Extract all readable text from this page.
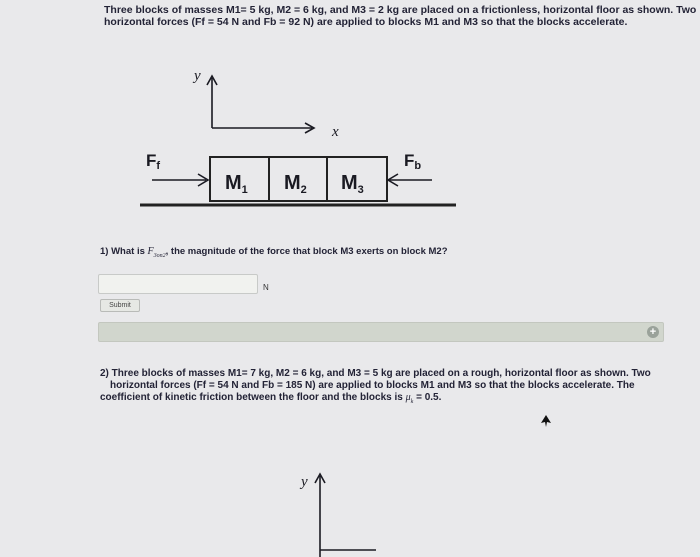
Three blocks of masses M1= 5 kg, M2 = 6 kg, and M3 = 2 kg are placed on a frictionless, horizontal floor as shown. Two
horizontal forces (Ff = 54 N and Fb = 92 N) are applied to blocks M1 and M3 so that the blocks accelerate.
y
x
$M_1$ $M_2$ $M_3$
Ff	Fb
y
1) What is $F_{3on2}$, the magnitude of the force that block M3 exerts on block M2?
N
Submit
+
2) Three blocks of masses M1= 7 kg, M2 = 6 kg, and M3 = 5 kg are placed on a rough, horizontal floor as shown. Two
horizontal forces (Ff = 54 N and Fb = 185 N) are applied to blocks M1 and M3 so that the blocks accelerate. The
coefficient of kinetic friction between the floor and the blocks is $\mu_k = 0.5$.
